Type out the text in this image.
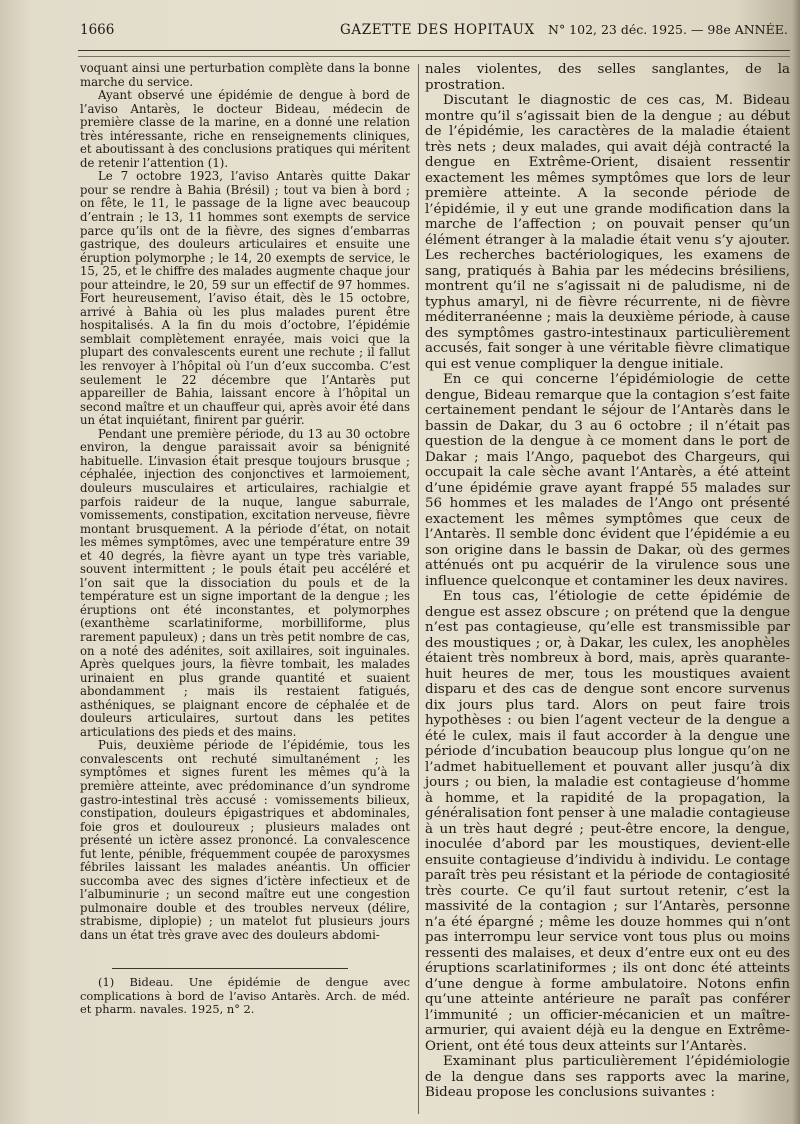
1666	GAZETTE DES HOPITAUX N° 102, 23 déc. 1925. — 98e ANNÉE.

voquant ainsi une perturbation complète dans la bonne marche du service.

Ayant observé une épidémie de dengue à bord de l’aviso Antarès, le docteur Bideau, médecin de première classe de la marine, en a donné une relation très intéressante, riche en renseignements cliniques, et aboutissant à des conclusions pratiques qui méritent de retenir l’attention (1).

Le 7 octobre 1923, l’aviso Antarès quitte Dakar pour se rendre à Bahia (Brésil) ; tout va bien à bord ; on fête, le 11, le passage de la ligne avec beaucoup d’entrain ; le 13, 11 hommes sont exempts de service parce qu’ils ont de la fièvre, des signes d’embarras gastrique, des douleurs articulaires et ensuite une éruption polymorphe ; le 14, 20 exempts de service, le 15, 25, et le chiffre des malades augmente chaque jour pour atteindre, le 20, 59 sur un effectif de 97 hommes. Fort heureusement, l’aviso était, dès le 15 octobre, arrivé à Bahia où les plus malades purent être hospitalisés. A la fin du mois d’octobre, l’épidémie semblait complètement enrayée, mais voici que la plupart des convalescents eurent une rechute ; il fallut les renvoyer à l’hôpital où l’un d’eux succomba. C’est seulement le 22 décembre que l’Antarès put appareiller de Bahia, laissant encore à l’hôpital un second maître et un chauffeur qui, après avoir été dans un état inquiétant, finirent par guérir.

Pendant une première période, du 13 au 30 octobre environ, la dengue paraissait avoir sa bénignité habituelle. L’invasion était presque toujours brusque ; céphalée, injection des conjonctives et larmoiement, douleurs musculaires et articulaires, rachialgie et parfois raideur de la nuque, langue saburrale, vomissements, constipation, excitation nerveuse, fièvre montant brusquement. A la période d’état, on notait les mêmes symptômes, avec une température entre 39 et 40 degrés, la fièvre ayant un type très variable, souvent intermittent ; le pouls était peu accéléré et l’on sait que la dissociation du pouls et de la température est un signe important de la dengue ; les éruptions ont été inconstantes, et polymorphes (exanthème scarlatiniforme, morbilliforme, plus rarement papuleux) ; dans un très petit nombre de cas, on a noté des adénites, soit axillaires, soit inguinales. Après quelques jours, la fièvre tombait, les malades urinaient en plus grande quantité et suaient abondamment ; mais ils restaient fatigués, asthéniques, se plaignant encore de céphalée et de douleurs articulaires, surtout dans les petites articulations des pieds et des mains.

Puis, deuxième période de l’épidémie, tous les convalescents ont rechuté simultanément ; les symptômes et signes furent les mêmes qu’à la première atteinte, avec prédominance d’un syndrome gastro-intestinal très accusé : vomissements bilieux, constipation, douleurs épigastriques et abdominales, foie gros et douloureux ; plusieurs malades ont présenté un ictère assez prononcé. La convalescence fut lente, pénible, fréquemment coupée de paroxysmes fébriles laissant les malades anéantis. Un officier succomba avec des signes d’ictère infectieux et de l’albuminurie ; un second maître eut une congestion pulmonaire double et des troubles nerveux (délire, strabisme, diplopie) ; un matelot fut plusieurs jours dans un état très grave avec des douleurs abdomi-

nales violentes, des selles sanglantes, de la prostration.

Discutant le diagnostic de ces cas, M. Bideau montre qu’il s’agissait bien de la dengue ; au début de l’épidémie, les caractères de la maladie étaient très nets ; deux malades, qui avait déjà contracté la dengue en Extrême-Orient, disaient ressentir exactement les mêmes symptômes que lors de leur première atteinte. A la seconde période de l’épidémie, il y eut une grande modification dans la marche de l’affection ; on pouvait penser qu’un élément étranger à la maladie était venu s’y ajouter. Les recherches bactériologiques, les examens de sang, pratiqués à Bahia par les médecins brésiliens, montrent qu’il ne s’agissait ni de paludisme, ni de typhus amaryl, ni de fièvre récurrente, ni de fièvre méditerranéenne ; mais la deuxième période, à cause des symptômes gastro-intestinaux particulièrement accusés, fait songer à une véritable fièvre climatique qui est venue compliquer la dengue initiale.

En ce qui concerne l’épidémiologie de cette dengue, Bideau remarque que la contagion s’est faite certainement pendant le séjour de l’Antarès dans le bassin de Dakar, du 3 au 6 octobre ; il n’était pas question de la dengue à ce moment dans le port de Dakar ; mais l’Ango, paquebot des Chargeurs, qui occupait la cale sèche avant l’Antarès, a été atteint d’une épidémie grave ayant frappé 55 malades sur 56 hommes et les malades de l’Ango ont présenté exactement les mêmes symptômes que ceux de l’Antarès. Il semble donc évident que l’épidémie a eu son origine dans le bassin de Dakar, où des germes atténués ont pu acquérir de la virulence sous une influence quelconque et contaminer les deux navires.

En tous cas, l’étiologie de cette épidémie de dengue est assez obscure ; on prétend que la dengue n’est pas contagieuse, qu’elle est transmissible par des moustiques ; or, à Dakar, les culex, les anophèles étaient très nombreux à bord, mais, après quarante-huit heures de mer, tous les moustiques avaient disparu et des cas de dengue sont encore survenus dix jours plus tard. Alors on peut faire trois hypothèses : ou bien l’agent vecteur de la dengue a été le culex, mais il faut accorder à la dengue une période d’incubation beaucoup plus longue qu’on ne l’admet habituellement et pouvant aller jusqu’à dix jours ; ou bien, la maladie est contagieuse d’homme à homme, et la rapidité de la propagation, la généralisation font penser à une maladie contagieuse à un très haut degré ; peut-être encore, la dengue, inoculée d’abord par les moustiques, devient-elle ensuite contagieuse d’individu à individu. Le contage paraît très peu résistant et la période de contagiosité très courte. Ce qu’il faut surtout retenir, c’est la massivité de la contagion ; sur l’Antarès, personne n’a été épargné ; même les douze hommes qui n’ont pas interrompu leur service vont tous plus ou moins ressenti des malaises, et deux d’entre eux ont eu des éruptions scarlatiniformes ; ils ont donc été atteints d’une dengue à forme ambulatoire. Notons enfin qu’une atteinte antérieure ne paraît pas conférer l’immunité ; un officier-mécanicien et un maître-armurier, qui avaient déjà eu la dengue en Extrême-Orient, ont été tous deux atteints sur l’Antarès.

Examinant plus particulièrement l’épidémiologie de la dengue dans ses rapports avec la marine, Bideau propose les conclusions suivantes :

(1) Bideau. Une épidémie de dengue avec complications à bord de l’aviso Antarès. Arch. de méd. et pharm. navales. 1925, n° 2.
